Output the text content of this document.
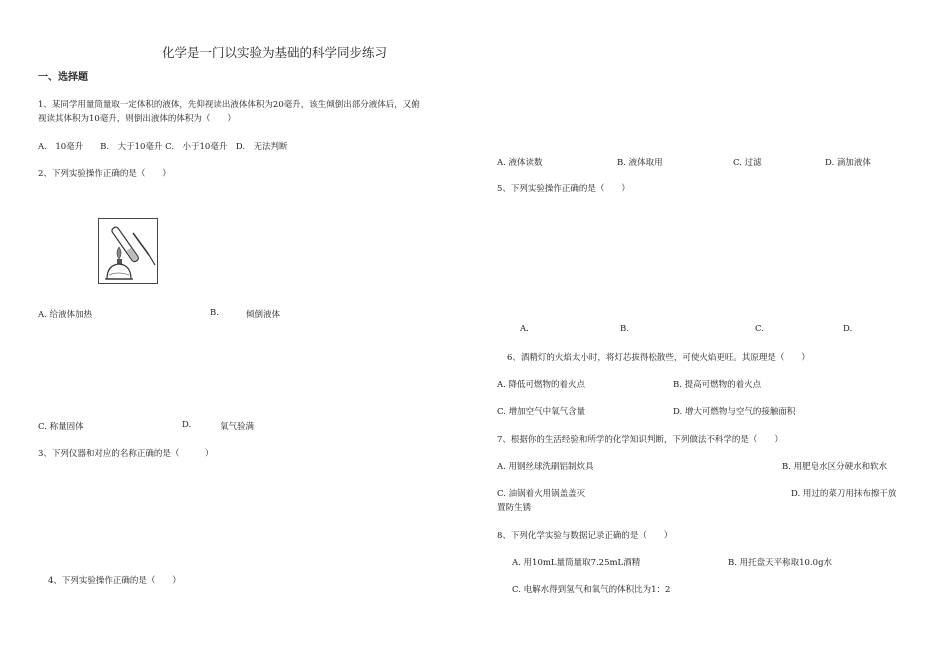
化学是一门以实验为基础的科学同步练习
一、选择题
1、某同学用量筒量取一定体积的液体，先仰视读出液体体积为20毫升，该生倾倒出部分液体后，又俯
视读其体积为10毫升，则倒出液体的体积为（　　）
A.　10毫升　　B.　大于10毫升 C.　小于10毫升　D.　无法判断
2、下列实验操作正确的是（　　）
A. 给液体加热	B.	倾倒液体
C. 称量固体	D.	氧气验满
3、下列仪器和对应的名称正确的是（　　　）
4、下列实验操作正确的是（　　）
A. 液体读数	B. 液体取用	C. 过滤	D. 滴加液体
5、下列实验操作正确的是（　　）
A.	B.	C.	D.
6、酒精灯的火焰太小时，将灯芯拔得松散些，可使火焰更旺。其原理是（　　）
A. 降低可燃物的着火点	B. 提高可燃物的着火点
C. 增加空气中氧气含量	D. 增大可燃物与空气的接触面积
7、根据你的生活经验和所学的化学知识判断，下列做法不科学的是（　　）
A. 用钢丝球洗刷铝制炊具	B. 用肥皂水区分硬水和软水
C. 油锅着火用锅盖盖灭	D. 用过的菜刀用抹布擦干放
置防生锈
8、下列化学实验与数据记录正确的是（　　）
A. 用10mL量筒量取7.25mL酒精	B. 用托盘天平称取10.0g水
C. 电解水得到氢气和氧气的体积比为1：2
